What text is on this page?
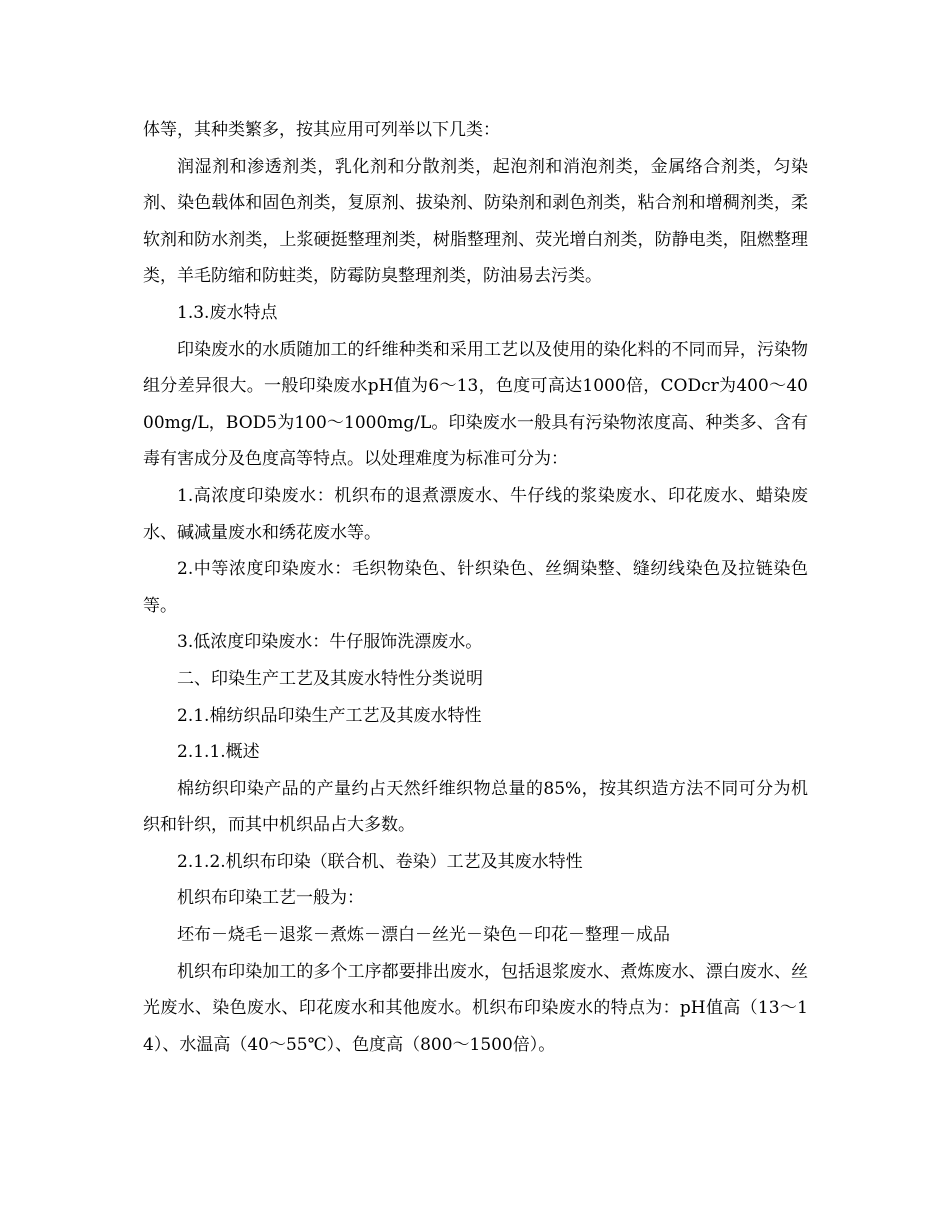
体等，其种类繁多，按其应用可列举以下几类：

润湿剂和渗透剂类，乳化剂和分散剂类，起泡剂和消泡剂类，金属络合剂类，匀染剂、染色载体和固色剂类，复原剂、拔染剂、防染剂和剥色剂类，粘合剂和增稠剂类，柔软剂和防水剂类，上浆硬挺整理剂类，树脂整理剂、荧光增白剂类，防静电类，阻燃整理类，羊毛防缩和防蛀类，防霉防臭整理剂类，防油易去污类。

1.3.废水特点

印染废水的水质随加工的纤维种类和采用工艺以及使用的染化料的不同而异，污染物组分差异很大。一般印染废水pH值为6～13，色度可高达1000倍，CODcr为400～4000mg/L，BOD5为100～1000mg/L。印染废水一般具有污染物浓度高、种类多、含有毒有害成分及色度高等特点。以处理难度为标准可分为：

1.高浓度印染废水：机织布的退煮漂废水、牛仔线的浆染废水、印花废水、蜡染废水、碱减量废水和绣花废水等。

2.中等浓度印染废水：毛织物染色、针织染色、丝绸染整、缝纫线染色及拉链染色等。

3.低浓度印染废水：牛仔服饰洗漂废水。

二、印染生产工艺及其废水特性分类说明

2.1.棉纺织品印染生产工艺及其废水特性

2.1.1.概述

棉纺织印染产品的产量约占天然纤维织物总量的85%，按其织造方法不同可分为机织和针织，而其中机织品占大多数。

2.1.2.机织布印染（联合机、卷染）工艺及其废水特性

机织布印染工艺一般为：

坯布－烧毛－退浆－煮炼－漂白－丝光－染色－印花－整理－成品

机织布印染加工的多个工序都要排出废水，包括退浆废水、煮炼废水、漂白废水、丝光废水、染色废水、印花废水和其他废水。机织布印染废水的特点为：pH值高（13～14）、水温高（40～55℃）、色度高（800～1500倍）。
